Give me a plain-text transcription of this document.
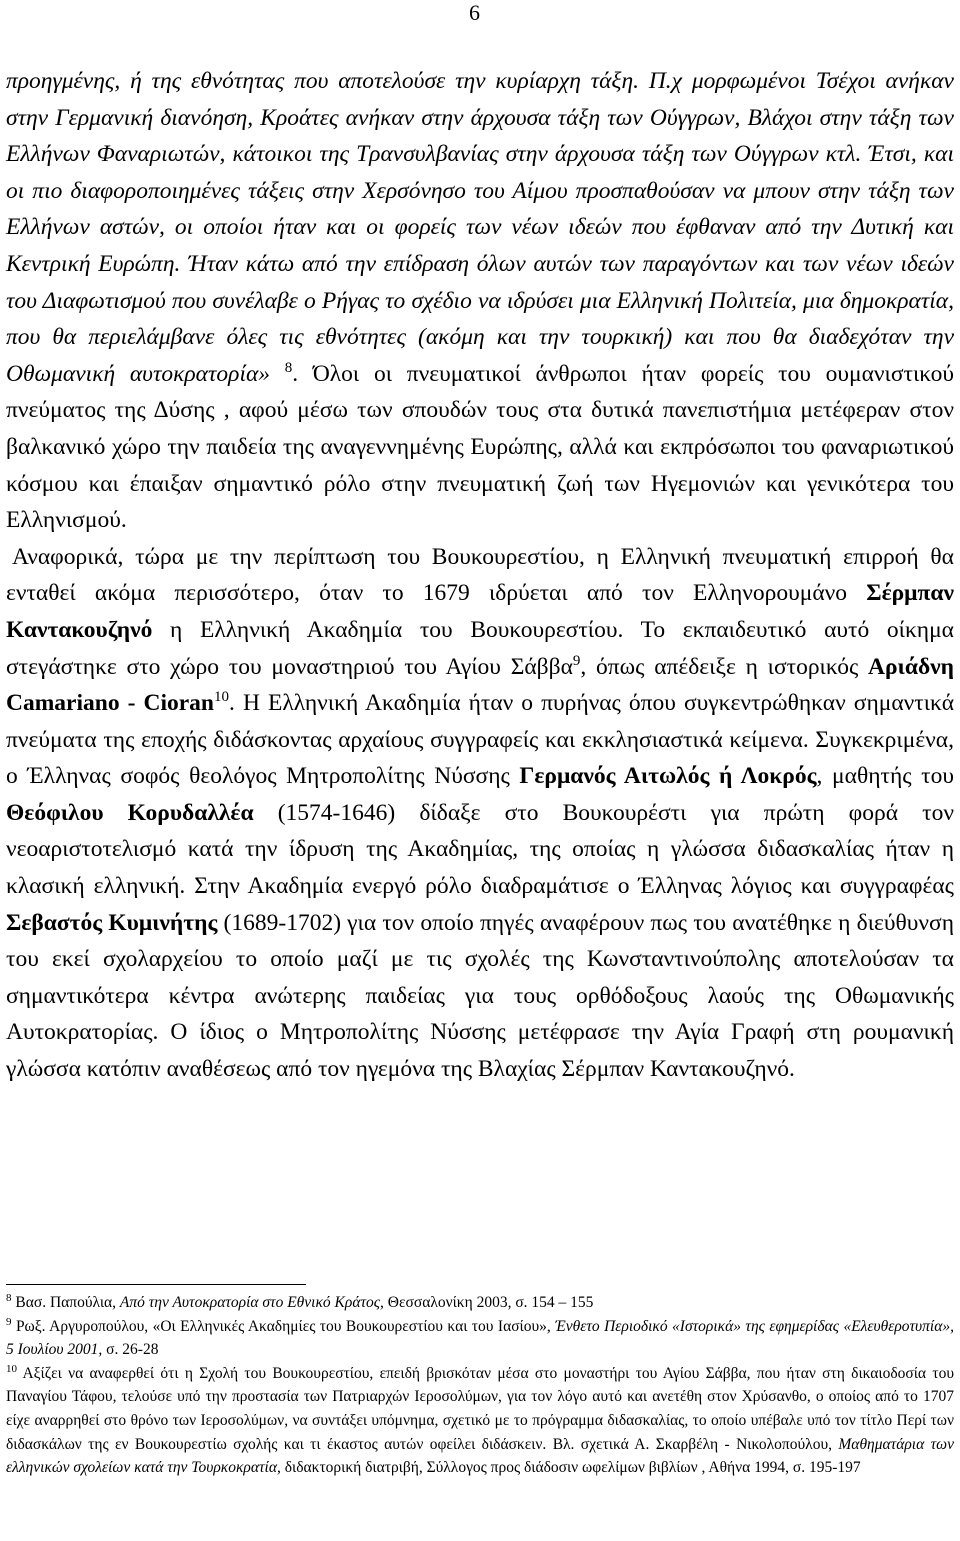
6

προηγμένης, ή της εθνότητας που αποτελούσε την κυρίαρχη τάξη. Π.χ μορφωμένοι Τσέχοι ανήκαν στην Γερμανική διανόηση, Κροάτες ανήκαν στην άρχουσα τάξη των Ούγγρων, Βλάχοι στην τάξη των Ελλήνων Φαναριωτών, κάτοικοι της Τρανσυλβανίας στην άρχουσα τάξη των Ούγγρων κτλ. Έτσι, και οι πιο διαφοροποιημένες τάξεις στην Χερσόνησο του Αίμου προσπαθούσαν να μπουν στην τάξη των Ελλήνων αστών, οι οποίοι ήταν και οι φορείς των νέων ιδεών που έφθαναν από την Δυτική και Κεντρική Ευρώπη. Ήταν κάτω από την επίδραση όλων αυτών των παραγόντων και των νέων ιδεών του Διαφωτισμού που συνέλαβε ο Ρήγας το σχέδιο να ιδρύσει μια Ελληνική Πολιτεία, μια δημοκρατία, που θα περιελάμβανε όλες τις εθνότητες (ακόμη και την τουρκική) και που θα διαδεχόταν την Οθωμανική αυτοκρατορία» $^8$. Όλοι οι πνευματικοί άνθρωποι ήταν φορείς του ουμανιστικού πνεύματος της Δύσης , αφού μέσω των σπουδών τους στα δυτικά πανεπιστήμια μετέφεραν στον βαλκανικό χώρο την παιδεία της αναγεννημένης Ευρώπης, αλλά και εκπρόσωποι του φαναριωτικού κόσμου και έπαιξαν σημαντικό ρόλο στην πνευματική ζωή των Ηγεμονιών και γενικότερα του Ελληνισμού.

Αναφορικά, τώρα με την περίπτωση του Βουκουρεστίου, η Ελληνική πνευματική επιρροή θα ενταθεί ακόμα περισσότερο, όταν το 1679 ιδρύεται από τον Ελληνορουμάνο Σέρμπαν Καντακουζηνό η Ελληνική Ακαδημία του Βουκουρεστίου. Το εκπαιδευτικό αυτό οίκημα στεγάστηκε στο χώρο του μοναστηριού του Αγίου Σάββα$^9$, όπως απέδειξε η ιστορικός Αριάδνη Camariano - Cioran$^{10}$. Η Ελληνική Ακαδημία ήταν ο πυρήνας όπου συγκεντρώθηκαν σημαντικά πνεύματα της εποχής διδάσκοντας αρχαίους συγγραφείς και εκκλησιαστικά κείμενα. Συγκεκριμένα, ο Έλληνας σοφός θεολόγος Μητροπολίτης Νύσσης Γερμανός Αιτωλός ή Λοκρός, μαθητής του Θεόφιλου Κορυδαλλέα (1574-1646) δίδαξε στο Βουκουρέστι για πρώτη φορά τον νεοαριστοτελισμό κατά την ίδρυση της Ακαδημίας, της οποίας η γλώσσα διδασκαλίας ήταν η κλασική ελληνική. Στην Ακαδημία ενεργό ρόλο διαδραμάτισε ο Έλληνας λόγιος και συγγραφέας Σεβαστός Κυμινήτης (1689-1702) για τον οποίο πηγές αναφέρουν πως του ανατέθηκε η διεύθυνση του εκεί σχολαρχείου το οποίο μαζί με τις σχολές της Κωνσταντινούπολης αποτελούσαν τα σημαντικότερα κέντρα ανώτερης παιδείας για τους ορθόδοξους λαούς της Οθωμανικής Αυτοκρατορίας. Ο ίδιος ο Μητροπολίτης Νύσσης μετέφρασε την Αγία Γραφή στη ρουμανική γλώσσα κατόπιν αναθέσεως από τον ηγεμόνα της Βλαχίας Σέρμπαν Καντακουζηνό.

$^8$ Βασ. Παπούλια, Από την Αυτοκρατορία στο Εθνικό Κράτος, Θεσσαλονίκη 2003, σ. 154 – 155

$^9$ Ρωξ. Αργυροπούλου, «Οι Ελληνικές Ακαδημίες του Βουκουρεστίου και του Ιασίου», Ένθετο Περιοδικό «Ιστορικά» της εφημερίδας «Ελευθεροτυπία», 5 Ιουλίου 2001, σ. 26-28

$^{10}$ Αξίζει να αναφερθεί ότι η Σχολή του Βουκουρεστίου, επειδή βρισκόταν μέσα στο μοναστήρι του Αγίου Σάββα, που ήταν στη δικαιοδοσία του Παναγίου Τάφου, τελούσε υπό την προστασία των Πατριαρχών Ιεροσολύμων, για τον λόγο αυτό και ανετέθη στον Χρύσανθο, ο οποίος από το 1707 είχε αναρρηθεί στο θρόνο των Ιεροσολύμων, να συντάξει υπόμνημα, σχετικό με το πρόγραμμα διδασκαλίας, το οποίο υπέβαλε υπό τον τίτλο Περί των διδασκάλων της εν Βουκουρεστίω σχολής και τι έκαστος αυτών οφείλει διδάσκειν. Βλ. σχετικά Α. Σκαρβέλη - Νικολοπούλου, Μαθηματάρια των ελληνικών σχολείων κατά την Τουρκοκρατία, διδακτορική διατριβή, Σύλλογος προς διάδοσιν ωφελίμων βιβλίων , Αθήνα 1994, σ. 195-197
